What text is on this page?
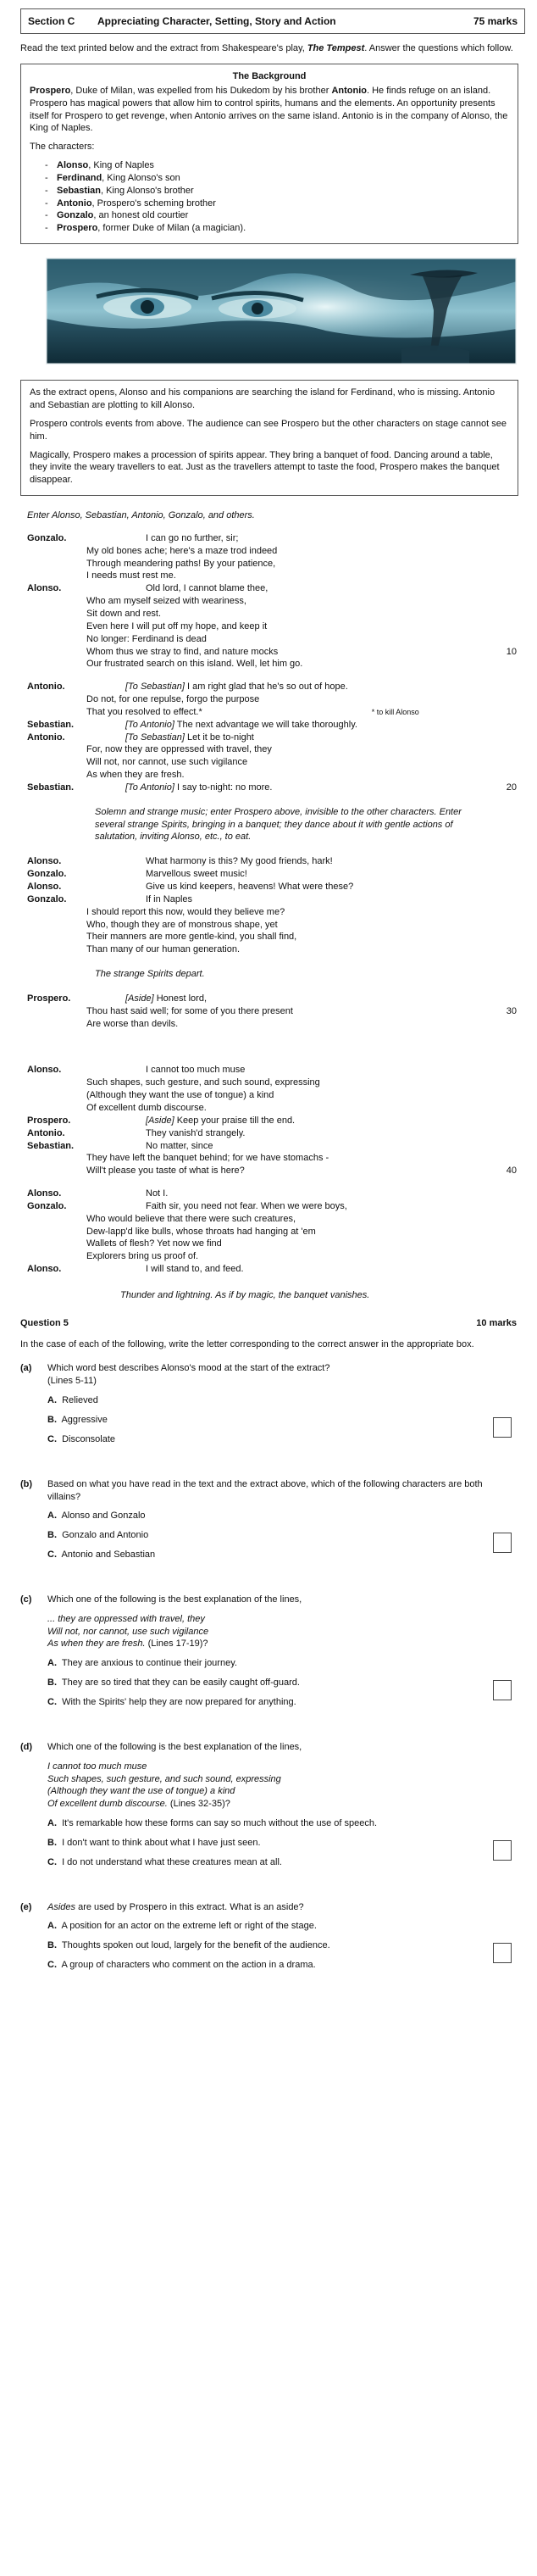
Section C	Appreciating Character, Setting, Story and Action	75 marks

Read the text printed below and the extract from Shakespeare's play, The Tempest. Answer the questions which follow.

The Background

Prospero, Duke of Milan, was expelled from his Dukedom by his brother Antonio. He finds refuge on an island. Prospero has magical powers that allow him to control spirits, humans and the elements. An opportunity presents itself for Prospero to get revenge, when Antonio arrives on the same island. Antonio is in the company of Alonso, the King of Naples.

The characters:

- Alonso, King of Naples
- Ferdinand, King Alonso's son
- Sebastian, King Alonso's brother
- Antonio, Prospero's scheming brother
- Gonzalo, an honest old courtier
- Prospero, former Duke of Milan (a magician).

As the extract opens, Alonso and his companions are searching the island for Ferdinand, who is missing. Antonio and Sebastian are plotting to kill Alonso.

Prospero controls events from above. The audience can see Prospero but the other characters on stage cannot see him.

Magically, Prospero makes a procession of spirits appear. They bring a banquet of food. Dancing around a table, they invite the weary travellers to eat. Just as the travellers attempt to taste the food, Prospero makes the banquet disappear.

Enter Alonso, Sebastian, Antonio, Gonzalo, and others.

Gonzalo.	I can go no further, sir;
My old bones ache; here's a maze trod indeed
Through meandering paths! By your patience,
I needs must rest me.
Alonso.	Old lord, I cannot blame thee,
Who am myself seized with weariness,
Sit down and rest.
Even here I will put off my hope, and keep it
No longer: Ferdinand is dead
Whom thus we stray to find, and nature mocks	10
Our frustrated search on this island. Well, let him go.
Antonio.	[To Sebastian] I am right glad that he's so out of hope.
Do not, for one repulse, forgo the purpose
That you resolved to effect.*	* to kill Alonso
Sebastian.	[To Antonio] The next advantage we will take thoroughly.
Antonio.	[To Sebastian] Let it be to-night
For, now they are oppressed with travel, they
Will not, nor cannot, use such vigilance
As when they are fresh.
Sebastian.	[To Antonio] I say to-night: no more.	20

Solemn and strange music; enter Prospero above, invisible to the other characters. Enter several strange Spirits, bringing in a banquet; they dance about it with gentle actions of salutation, inviting Alonso, etc., to eat.

Alonso.	What harmony is this? My good friends, hark!
Gonzalo.	Marvellous sweet music!
Alonso.	Give us kind keepers, heavens! What were these?
Gonzalo.	If in Naples
I should report this now, would they believe me?
Who, though they are of monstrous shape, yet
Their manners are more gentle-kind, you shall find,
Than many of our human generation.

The strange Spirits depart.

Prospero.	[Aside] Honest lord,
Thou hast said well; for some of you there present	30
Are worse than devils.
Alonso.	I cannot too much muse
Such shapes, such gesture, and such sound, expressing
(Although they want the use of tongue) a kind
Of excellent dumb discourse.
Prospero.	[Aside] Keep your praise till the end.
Antonio.	They vanish'd strangely.
Sebastian.	No matter, since
They have left the banquet behind; for we have stomachs -
Will't please you taste of what is here?	40
Alonso.	Not I.
Gonzalo.	Faith sir, you need not fear. When we were boys,
Who would believe that there were such creatures,
Dew-lapp'd like bulls, whose throats had hanging at 'em
Wallets of flesh? Yet now we find
Explorers bring us proof of.
Alonso.	I will stand to, and feed.

Thunder and lightning. As if by magic, the banquet vanishes.

Question 5	10 marks

In the case of each of the following, write the letter corresponding to the correct answer in the appropriate box.

(a)	Which word best describes Alonso's mood at the start of the extract?
(Lines 5-11)

A. Relieved

B. Aggressive

C. Disconsolate

(b)	Based on what you have read in the text and the extract above, which of the following characters are both villains?

A. Alonso and Gonzalo

B. Gonzalo and Antonio

C. Antonio and Sebastian

(c)	Which one of the following is the best explanation of the lines,

... they are oppressed with travel, they
Will not, nor cannot, use such vigilance
As when they are fresh. (Lines 17-19)?

A. They are anxious to continue their journey.

B. They are so tired that they can be easily caught off-guard.

C. With the Spirits' help they are now prepared for anything.

(d)	Which one of the following is the best explanation of the lines,

I cannot too much muse
Such shapes, such gesture, and such sound, expressing
(Although they want the use of tongue) a kind
Of excellent dumb discourse. (Lines 32-35)?

A. It's remarkable how these forms can say so much without the use of speech.

B. I don't want to think about what I have just seen.

C. I do not understand what these creatures mean at all.

(e)	Asides are used by Prospero in this extract. What is an aside?

A. A position for an actor on the extreme left or right of the stage.

B. Thoughts spoken out loud, largely for the benefit of the audience.

C. A group of characters who comment on the action in a drama.
